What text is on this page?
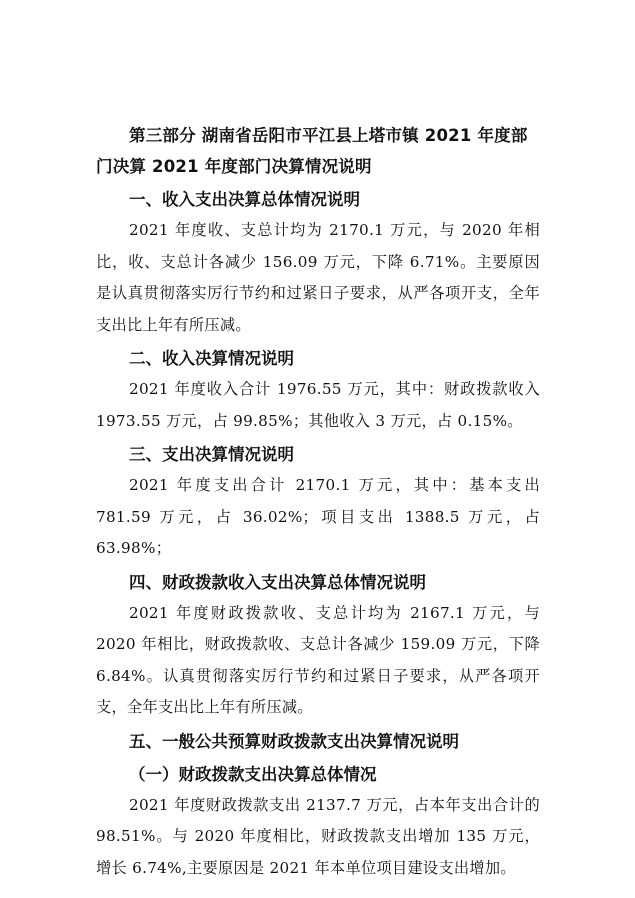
第三部分 湖南省岳阳市平江县上塔市镇 2021 年度部门决算 2021 年度部门决算情况说明

一、收入支出决算总体情况说明

2021 年度收、支总计均为 2170.1 万元，与 2020 年相比，收、支总计各减少 156.09 万元，下降 6.71%。主要原因是认真贯彻落实厉行节约和过紧日子要求，从严各项开支，全年支出比上年有所压减。

二、收入决算情况说明

2021 年度收入合计 1976.55 万元，其中：财政拨款收入 1973.55 万元，占 99.85%；其他收入 3 万元，占 0.15%。

三、支出决算情况说明

2021 年度支出合计 2170.1 万元，其中：基本支出 781.59 万元，占 36.02%；项目支出 1388.5 万元，占 63.98%；

四、财政拨款收入支出决算总体情况说明

2021 年度财政拨款收、支总计均为 2167.1 万元，与 2020 年相比，财政拨款收、支总计各减少 159.09 万元，下降 6.84%。认真贯彻落实厉行节约和过紧日子要求，从严各项开支，全年支出比上年有所压减。

五、一般公共预算财政拨款支出决算情况说明

（一）财政拨款支出决算总体情况

2021 年度财政拨款支出 2137.7 万元，占本年支出合计的 98.51%。与 2020 年度相比，财政拨款支出增加 135 万元，增长 6.74%,主要原因是 2021 年本单位项目建设支出增加。
